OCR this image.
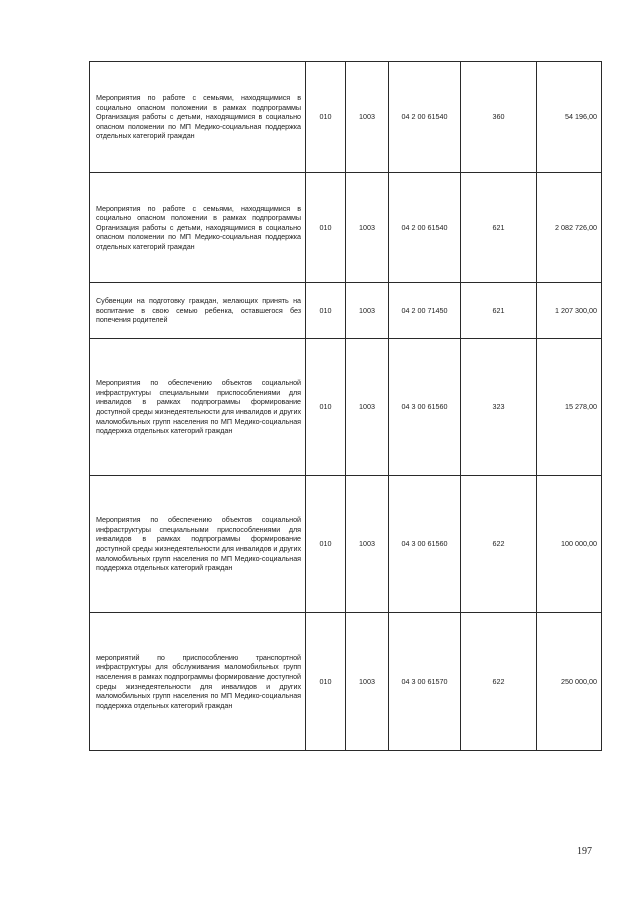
Мероприятия по работе с семьями, находящимися в социально опасном положении в рамках подпрограммы Организация работы с детьми, находящимися в социально опасном положении по МП Медико-социальная поддержка отдельных категорий граждан	010	1003	04 2 00 61540	360	54 196,00
Мероприятия по работе с семьями, находящимися в социально опасном положении в рамках подпрограммы Организация работы с детьми, находящимися в социально опасном положении по МП Медико-социальная поддержка отдельных категорий граждан	010	1003	04 2 00 61540	621	2 082 726,00
Субвенции на подготовку граждан, желающих принять на воспитание в свою семью ребенка, оставшегося без попечения родителей	010	1003	04 2 00 71450	621	1 207 300,00
Мероприятия по обеспечению объектов социальной инфраструктуры специальными приспособлениями для инвалидов в рамках подпрограммы формирование доступной среды жизнедеятельности для инвалидов и других маломобильных групп населения по МП Медико-социальная поддержка отдельных категорий граждан	010	1003	04 3 00 61560	323	15 278,00
Мероприятия по обеспечению объектов социальной инфраструктуры специальными приспособлениями для инвалидов в рамках подпрограммы формирование доступной среды жизнедеятельности для инвалидов и других маломобильных групп населения по МП Медико-социальная поддержка отдельных категорий граждан	010	1003	04 3 00 61560	622	100 000,00
мероприятий по приспособлению транспортной инфраструктуры для обслуживания маломобильных групп населения в рамках подпрограммы формирование доступной среды жизнедеятельности для инвалидов и других маломобильных групп населения по МП Медико-социальная поддержка отдельных категорий граждан	010	1003	04 3 00 61570	622	250 000,00
197
